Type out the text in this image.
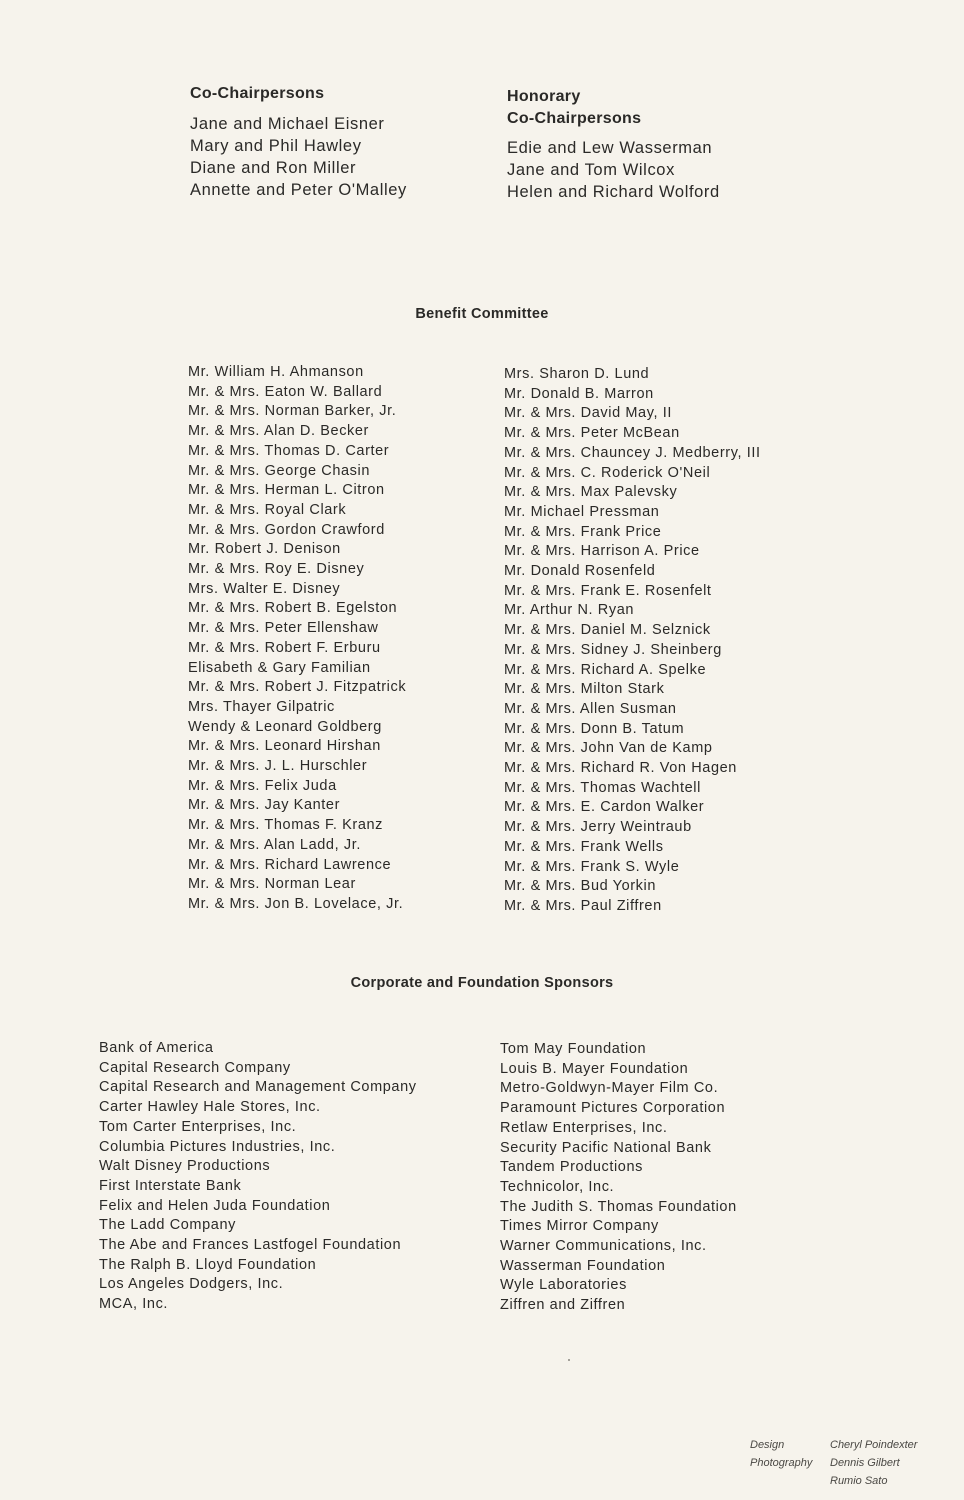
Co-Chairpersons
Jane and Michael Eisner
Mary and Phil Hawley
Diane and Ron Miller
Annette and Peter O'Malley
Honorary
Co-Chairpersons
Edie and Lew Wasserman
Jane and Tom Wilcox
Helen and Richard Wolford
Benefit Committee
Mr. William H. Ahmanson
Mr. & Mrs. Eaton W. Ballard
Mr. & Mrs. Norman Barker, Jr.
Mr. & Mrs. Alan D. Becker
Mr. & Mrs. Thomas D. Carter
Mr. & Mrs. George Chasin
Mr. & Mrs. Herman L. Citron
Mr. & Mrs. Royal Clark
Mr. & Mrs. Gordon Crawford
Mr. Robert J. Denison
Mr. & Mrs. Roy E. Disney
Mrs. Walter E. Disney
Mr. & Mrs. Robert B. Egelston
Mr. & Mrs. Peter Ellenshaw
Mr. & Mrs. Robert F. Erburu
Elisabeth & Gary Familian
Mr. & Mrs. Robert J. Fitzpatrick
Mrs. Thayer Gilpatric
Wendy & Leonard Goldberg
Mr. & Mrs. Leonard Hirshan
Mr. & Mrs. J. L. Hurschler
Mr. & Mrs. Felix Juda
Mr. & Mrs. Jay Kanter
Mr. & Mrs. Thomas F. Kranz
Mr. & Mrs. Alan Ladd, Jr.
Mr. & Mrs. Richard Lawrence
Mr. & Mrs. Norman Lear
Mr. & Mrs. Jon B. Lovelace, Jr.
Mrs. Sharon D. Lund
Mr. Donald B. Marron
Mr. & Mrs. David May, II
Mr. & Mrs. Peter McBean
Mr. & Mrs. Chauncey J. Medberry, III
Mr. & Mrs. C. Roderick O'Neil
Mr. & Mrs. Max Palevsky
Mr. Michael Pressman
Mr. & Mrs. Frank Price
Mr. & Mrs. Harrison A. Price
Mr. Donald Rosenfeld
Mr. & Mrs. Frank E. Rosenfelt
Mr. Arthur N. Ryan
Mr. & Mrs. Daniel M. Selznick
Mr. & Mrs. Sidney J. Sheinberg
Mr. & Mrs. Richard A. Spelke
Mr. & Mrs. Milton Stark
Mr. & Mrs. Allen Susman
Mr. & Mrs. Donn B. Tatum
Mr. & Mrs. John Van de Kamp
Mr. & Mrs. Richard R. Von Hagen
Mr. & Mrs. Thomas Wachtell
Mr. & Mrs. E. Cardon Walker
Mr. & Mrs. Jerry Weintraub
Mr. & Mrs. Frank Wells
Mr. & Mrs. Frank S. Wyle
Mr. & Mrs. Bud Yorkin
Mr. & Mrs. Paul Ziffren
Corporate and Foundation Sponsors
Bank of America
Capital Research Company
Capital Research and Management Company
Carter Hawley Hale Stores, Inc.
Tom Carter Enterprises, Inc.
Columbia Pictures Industries, Inc.
Walt Disney Productions
First Interstate Bank
Felix and Helen Juda Foundation
The Ladd Company
The Abe and Frances Lastfogel Foundation
The Ralph B. Lloyd Foundation
Los Angeles Dodgers, Inc.
MCA, Inc.
Tom May Foundation
Louis B. Mayer Foundation
Metro-Goldwyn-Mayer Film Co.
Paramount Pictures Corporation
Retlaw Enterprises, Inc.
Security Pacific National Bank
Tandem Productions
Technicolor, Inc.
The Judith S. Thomas Foundation
Times Mirror Company
Warner Communications, Inc.
Wasserman Foundation
Wyle Laboratories
Ziffren and Ziffren
Design	Cheryl Poindexter
Photography	Dennis Gilbert
Rumio Sato
